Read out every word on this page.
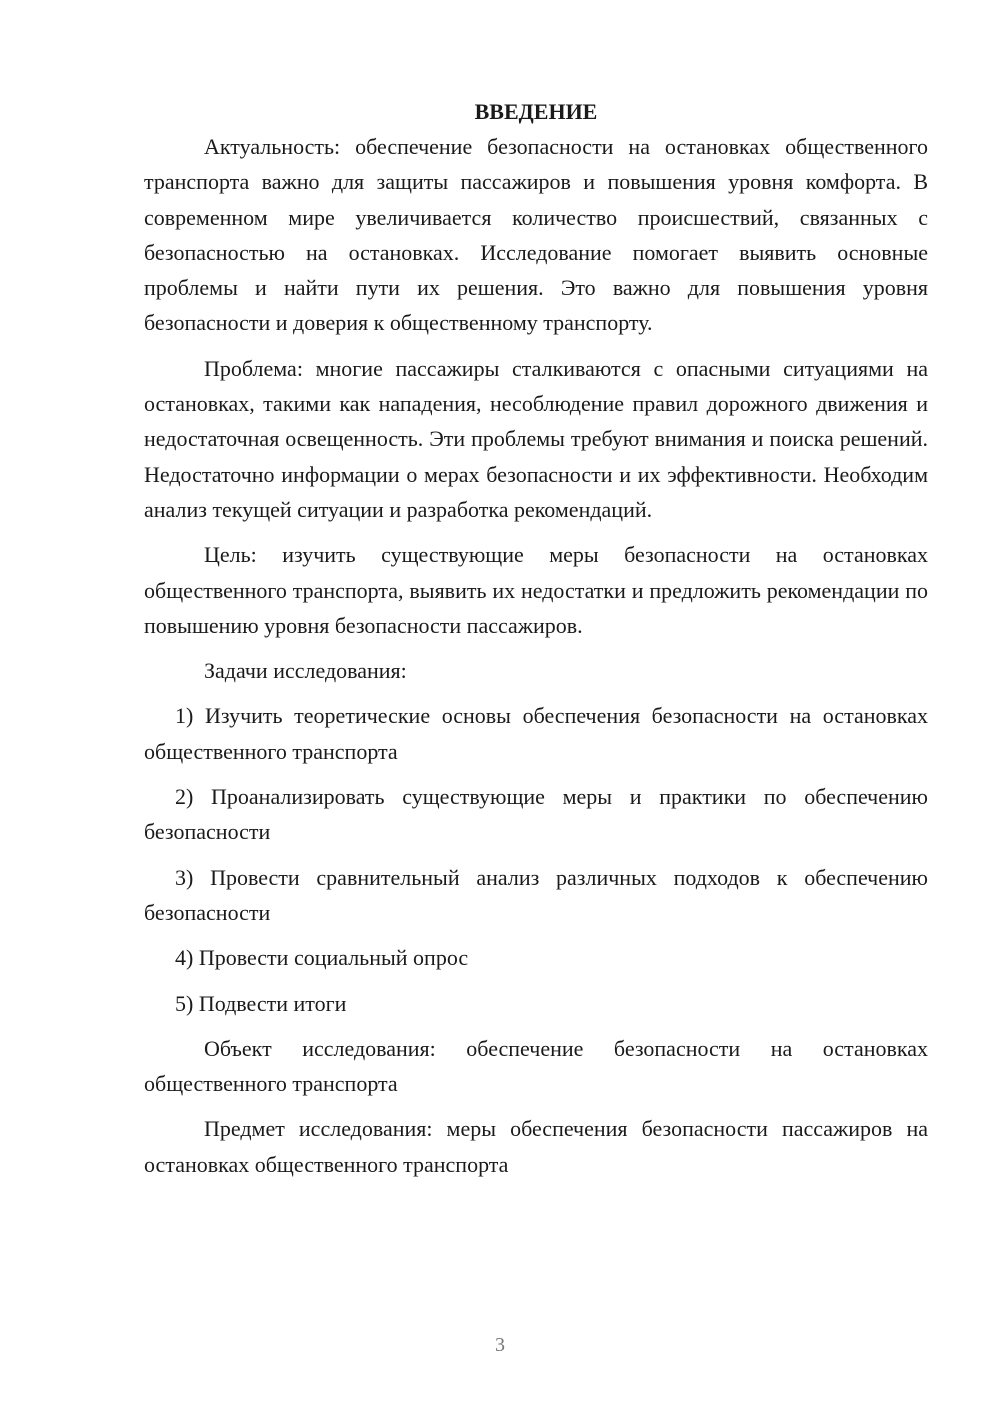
ВВЕДЕНИЕ

Актуальность: обеспечение безопасности на остановках общественного транспорта важно для защиты пассажиров и повышения уровня комфорта. В современном мире увеличивается количество происшествий, связанных с безопасностью на остановках. Исследование помогает выявить основные проблемы и найти пути их решения. Это важно для повышения уровня безопасности и доверия к общественному транспорту.

Проблема: многие пассажиры сталкиваются с опасными ситуациями на остановках, такими как нападения, несоблюдение правил дорожного движения и недостаточная освещенность. Эти проблемы требуют внимания и поиска решений. Недостаточно информации о мерах безопасности и их эффективности. Необходим анализ текущей ситуации и разработка рекомендаций.

Цель: изучить существующие меры безопасности на остановках общественного транспорта, выявить их недостатки и предложить рекомендации по повышению уровня безопасности пассажиров.

Задачи исследования:

1) Изучить теоретические основы обеспечения безопасности на остановках общественного транспорта

2) Проанализировать существующие меры и практики по обеспечению безопасности

3) Провести сравнительный анализ различных подходов к обеспечению безопасности

4) Провести социальный опрос

5) Подвести итоги

Объект исследования: обеспечение безопасности на остановках общественного транспорта

Предмет исследования: меры обеспечения безопасности пассажиров на остановках общественного транспорта

3
